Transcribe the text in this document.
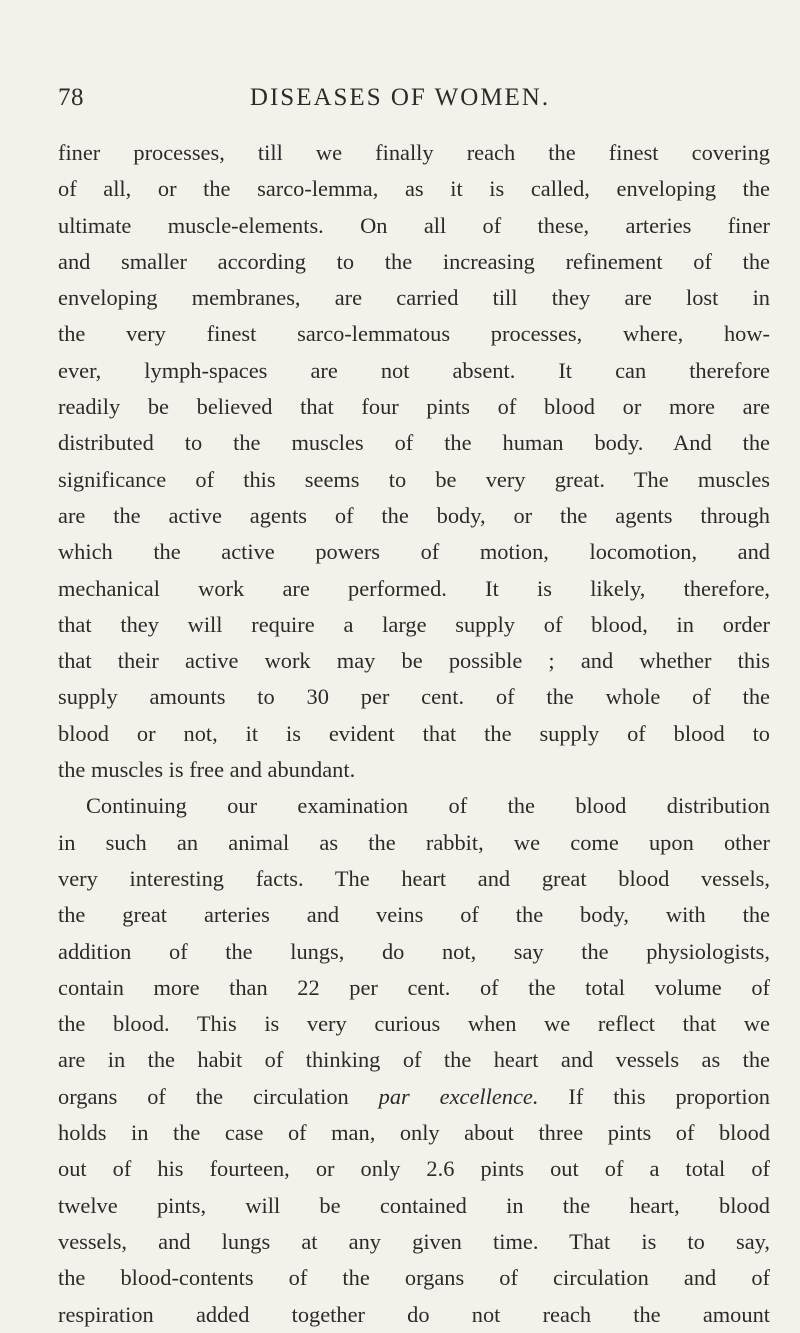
78	DISEASES OF WOMEN.
finer processes, till we finally reach the finest covering
of all, or the sarco-lemma, as it is called, enveloping the
ultimate muscle-elements. On all of these, arteries finer
and smaller according to the increasing refinement of the
enveloping membranes, are carried till they are lost in
the very finest sarco-lemmatous processes, where, how-
ever, lymph-spaces are not absent. It can therefore
readily be believed that four pints of blood or more are
distributed to the muscles of the human body. And the
significance of this seems to be very great. The muscles
are the active agents of the body, or the agents through
which the active powers of motion, locomotion, and
mechanical work are performed. It is likely, therefore,
that they will require a large supply of blood, in order
that their active work may be possible ; and whether this
supply amounts to 30 per cent. of the whole of the
blood or not, it is evident that the supply of blood to
the muscles is free and abundant.
Continuing our examination of the blood distribution
in such an animal as the rabbit, we come upon other
very interesting facts. The heart and great blood vessels,
the great arteries and veins of the body, with the
addition of the lungs, do not, say the physiologists,
contain more than 22 per cent. of the total volume of
the blood. This is very curious when we reflect that we
are in the habit of thinking of the heart and vessels as the
organs of the circulation par excellence. If this proportion
holds in the case of man, only about three pints of blood
out of his fourteen, or only 2.6 pints out of a total of
twelve pints, will be contained in the heart, blood
vessels, and lungs at any given time. That is to say,
the blood-contents of the organs of circulation and of
respiration added together do not reach the amount
